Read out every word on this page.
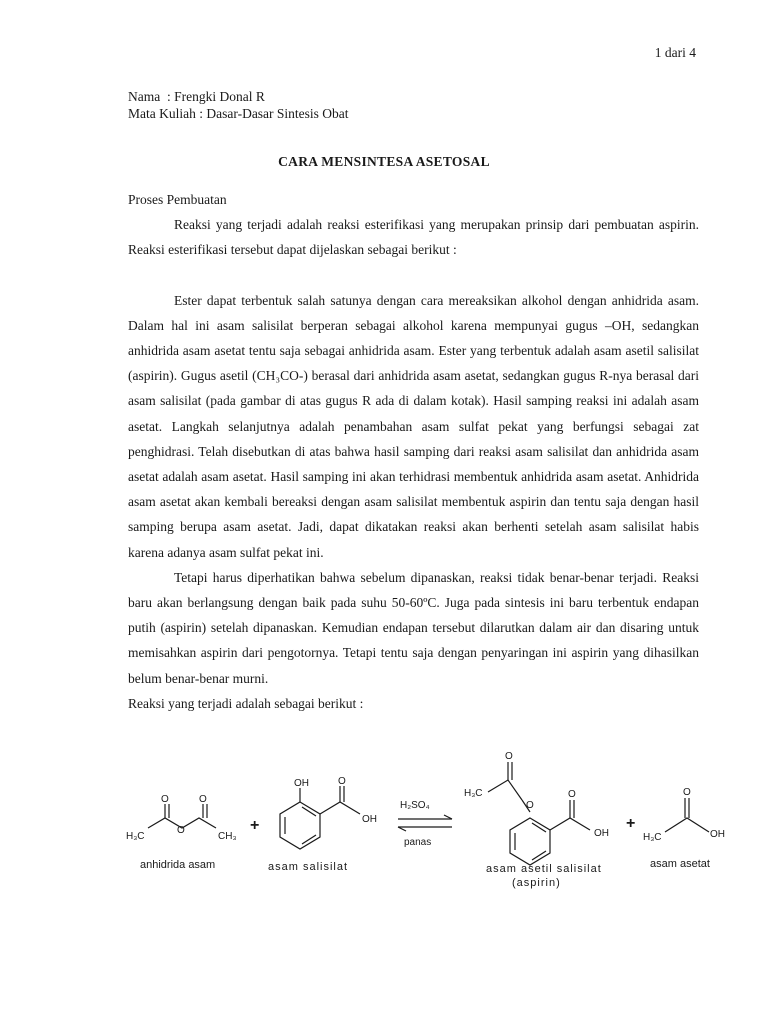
1 dari 4
Nama  : Frengki Donal R
Mata Kuliah : Dasar-Dasar Sintesis Obat
CARA MENSINTESA ASETOSAL

Proses Pembuatan

Reaksi yang terjadi adalah reaksi esterifikasi yang merupakan prinsip dari pembuatan aspirin. Reaksi esterifikasi tersebut dapat dijelaskan sebagai berikut :

Ester dapat terbentuk salah satunya dengan cara mereaksikan alkohol dengan anhidrida asam. Dalam hal ini asam salisilat berperan sebagai alkohol karena mempunyai gugus –OH, sedangkan anhidrida asam asetat tentu saja sebagai anhidrida asam. Ester yang terbentuk adalah asam asetil salisilat (aspirin). Gugus asetil (CH₃CO-) berasal dari anhidrida asam asetat, sedangkan gugus R-nya berasal dari asam salisilat (pada gambar di atas gugus R ada di dalam kotak). Hasil samping reaksi ini adalah asam asetat. Langkah selanjutnya adalah penambahan asam sulfat pekat yang berfungsi sebagai zat penghidrasi. Telah disebutkan di atas bahwa hasil samping dari reaksi asam salisilat dan anhidrida asam asetat adalah asam asetat. Hasil samping ini akan terhidrasi membentuk anhidrida asam asetat. Anhidrida asam asetat akan kembali bereaksi dengan asam salisilat membentuk aspirin dan tentu saja dengan hasil samping berupa asam asetat. Jadi, dapat dikatakan reaksi akan berhenti setelah asam salisilat habis karena adanya asam sulfat pekat ini.

Tetapi harus diperhatikan bahwa sebelum dipanaskan, reaksi tidak benar-benar terjadi. Reaksi baru akan berlangsung dengan baik pada suhu 50-60ºC. Juga pada sintesis ini baru terbentuk endapan putih (aspirin) setelah dipanaskan. Kemudian endapan tersebut dilarutkan dalam air dan disaring untuk memisahkan aspirin dari pengotornya. Tetapi tentu saja dengan penyaringan ini aspirin yang dihasilkan belum benar-benar murni.

Reaksi yang terjadi adalah sebagai berikut :

O	O
O
H₃C	CH₃
anhidrida asam
+
OH	O
OH
asam salisilat
H₂SO₄
panas
O
O
H₃C	O
OH
asam asetil salisilat
(aspirin)
+
O
H₃C	OH
asam asetat
